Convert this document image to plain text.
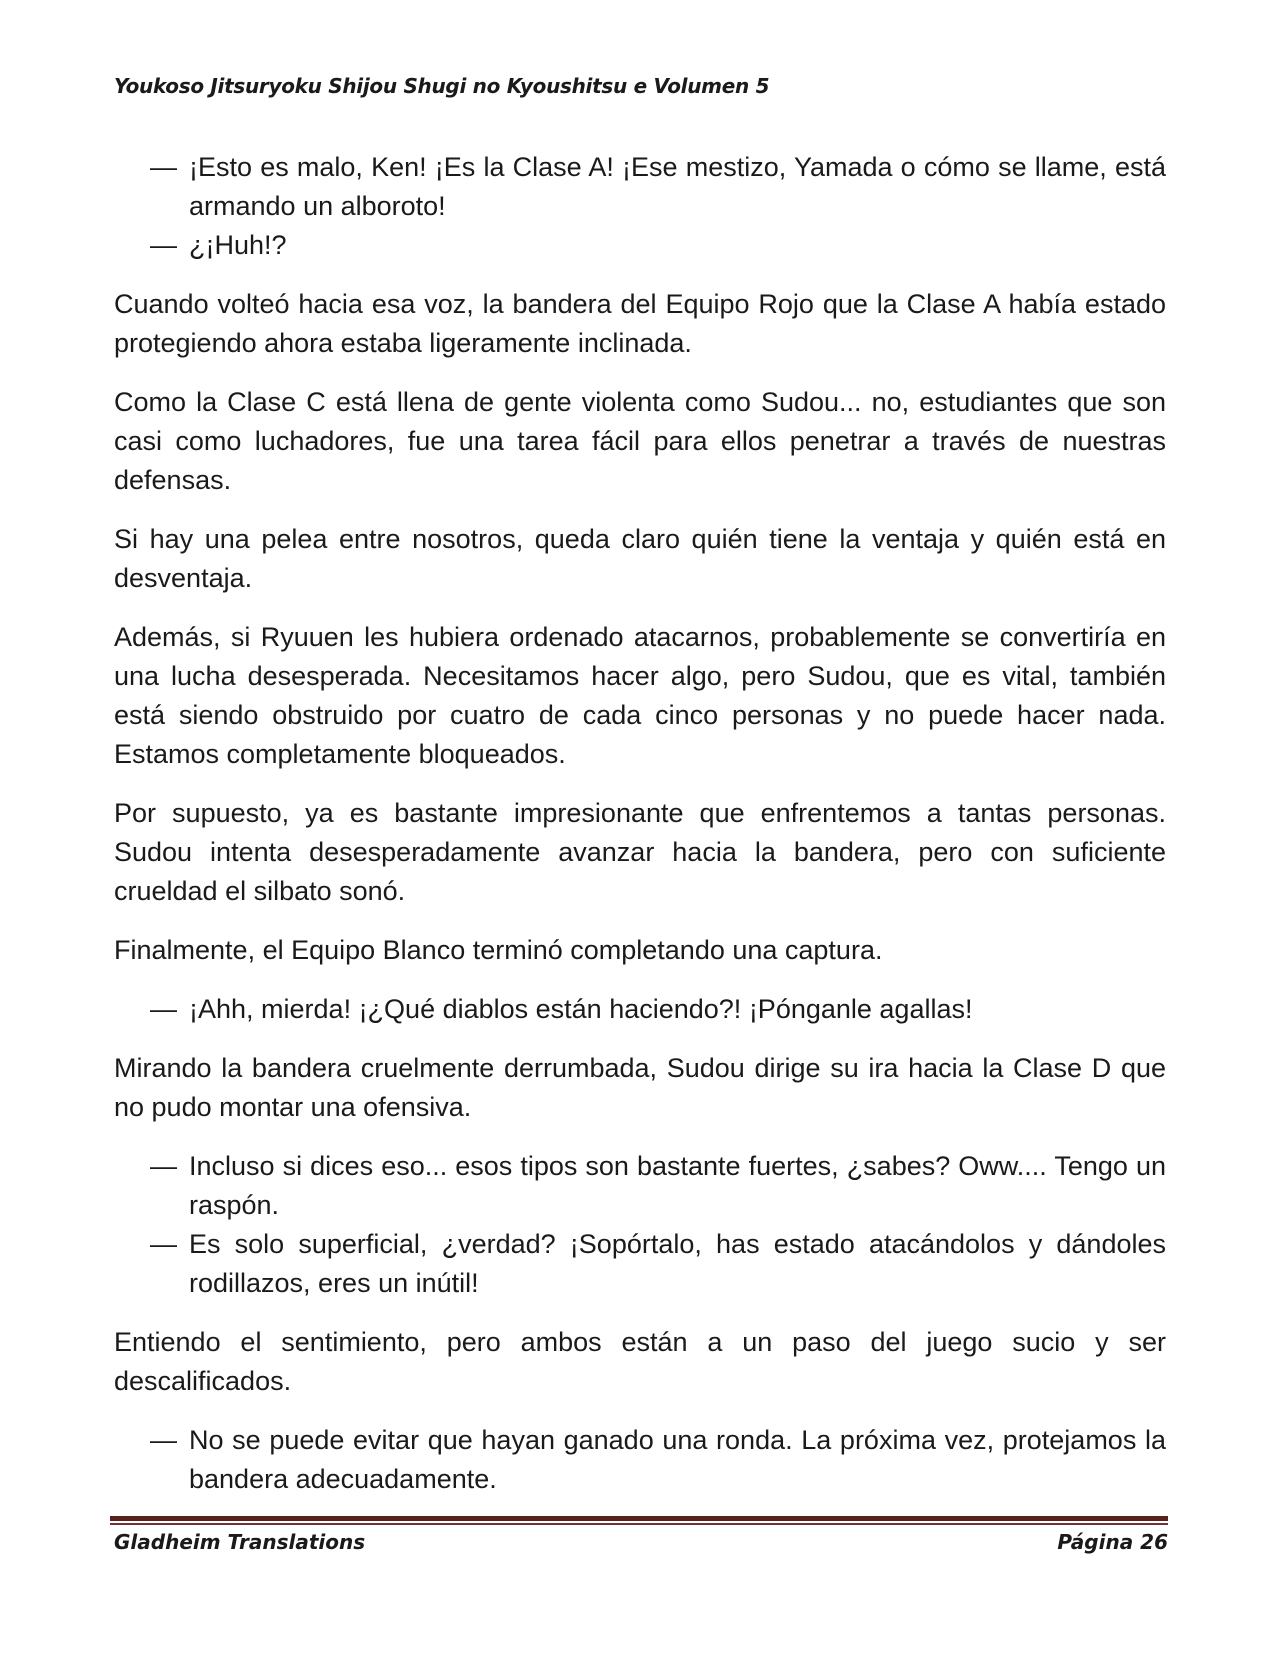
Youkoso Jitsuryoku Shijou Shugi no Kyoushitsu e Volumen 5

— ¡Esto es malo, Ken! ¡Es la Clase A! ¡Ese mestizo, Yamada o cómo se llame, está armando un alboroto!

— ¿¡Huh!?

Cuando volteó hacia esa voz, la bandera del Equipo Rojo que la Clase A había estado protegiendo ahora estaba ligeramente inclinada.

Como la Clase C está llena de gente violenta como Sudou... no, estudiantes que son casi como luchadores, fue una tarea fácil para ellos penetrar a través de nuestras defensas.

Si hay una pelea entre nosotros, queda claro quién tiene la ventaja y quién está en desventaja.

Además, si Ryuuen les hubiera ordenado atacarnos, probablemente se convertiría en una lucha desesperada. Necesitamos hacer algo, pero Sudou, que es vital, también está siendo obstruido por cuatro de cada cinco personas y no puede hacer nada. Estamos completamente bloqueados.

Por supuesto, ya es bastante impresionante que enfrentemos a tantas personas. Sudou intenta desesperadamente avanzar hacia la bandera, pero con suficiente crueldad el silbato sonó.

Finalmente, el Equipo Blanco terminó completando una captura.

— ¡Ahh, mierda! ¡¿Qué diablos están haciendo?! ¡Pónganle agallas!

Mirando la bandera cruelmente derrumbada, Sudou dirige su ira hacia la Clase D que no pudo montar una ofensiva.

— Incluso si dices eso... esos tipos son bastante fuertes, ¿sabes? Oww.... Tengo un raspón.

— Es solo superficial, ¿verdad? ¡Sopórtalo, has estado atacándolos y dándoles rodillazos, eres un inútil!

Entiendo el sentimiento, pero ambos están a un paso del juego sucio y ser descalificados.

— No se puede evitar que hayan ganado una ronda. La próxima vez, protejamos la bandera adecuadamente.

Gladheim Translations	Página 26
